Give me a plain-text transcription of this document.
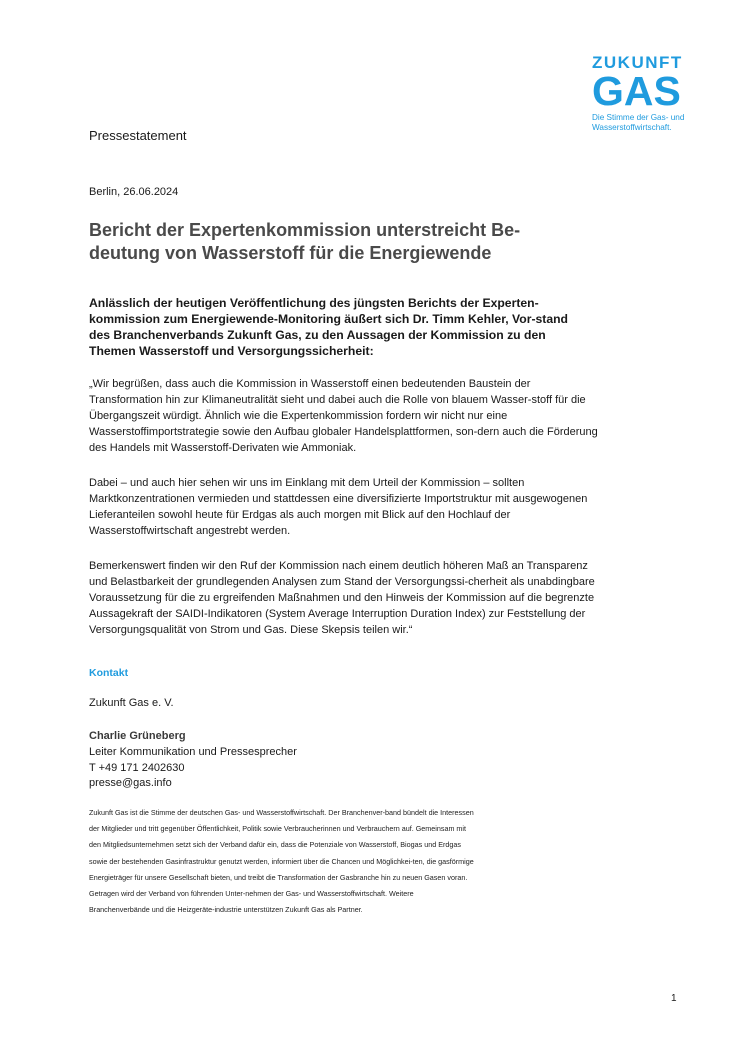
ZUKUNFT
GAS
Die Stimme der Gas- und
Wasserstoffwirtschaft.
Pressestatement
Berlin, 26.06.2024
Bericht der Expertenkommission unterstreicht Be-deutung von Wasserstoff für die Energiewende
Anlässlich der heutigen Veröffentlichung des jüngsten Berichts der Experten-kommission zum Energiewende-Monitoring äußert sich Dr. Timm Kehler, Vor-stand des Branchenverbands Zukunft Gas, zu den Aussagen der Kommission zu den Themen Wasserstoff und Versorgungssicherheit:
„Wir begrüßen, dass auch die Kommission in Wasserstoff einen bedeutenden Baustein der Transformation hin zur Klimaneutralität sieht und dabei auch die Rolle von blauem Wasser-stoff für die Übergangszeit würdigt. Ähnlich wie die Expertenkommission fordern wir nicht nur eine Wasserstoffimportstrategie sowie den Aufbau globaler Handelsplattformen, son-dern auch die Förderung des Handels mit Wasserstoff-Derivaten wie Ammoniak.
Dabei – und auch hier sehen wir uns im Einklang mit dem Urteil der Kommission – sollten Marktkonzentrationen vermieden und stattdessen eine diversifizierte Importstruktur mit ausgewogenen Lieferanteilen sowohl heute für Erdgas als auch morgen mit Blick auf den Hochlauf der Wasserstoffwirtschaft angestrebt werden.
Bemerkenswert finden wir den Ruf der Kommission nach einem deutlich höheren Maß an Transparenz und Belastbarkeit der grundlegenden Analysen zum Stand der Versorgungssi-cherheit als unabdingbare Voraussetzung für die zu ergreifenden Maßnahmen und den Hinweis der Kommission auf die begrenzte Aussagekraft der SAIDI-Indikatoren (System Average Interruption Duration Index) zur Feststellung der Versorgungsqualität von Strom und Gas. Diese Skepsis teilen wir.“
Kontakt
Zukunft Gas e. V.
Charlie Grüneberg
Leiter Kommunikation und Pressesprecher
T +49 171 2402630
presse@gas.info
Zukunft Gas ist die Stimme der deutschen Gas- und Wasserstoffwirtschaft. Der Branchenver-band bündelt die Interessen der Mitglieder und tritt gegenüber Öffentlichkeit, Politik sowie Verbraucherinnen und Verbrauchern auf. Gemeinsam mit den Mitgliedsunternehmen setzt sich der Verband dafür ein, dass die Potenziale von Wasserstoff, Biogas und Erdgas sowie der bestehenden Gasinfrastruktur genutzt werden, informiert über die Chancen und Möglichkei-ten, die gasförmige Energieträger für unsere Gesellschaft bieten, und treibt die Transformation der Gasbranche hin zu neuen Gasen voran. Getragen wird der Verband von führenden Unter-nehmen der Gas- und Wasserstoffwirtschaft. Weitere Branchenverbände und die Heizgeräte-industrie unterstützen Zukunft Gas als Partner.
1
